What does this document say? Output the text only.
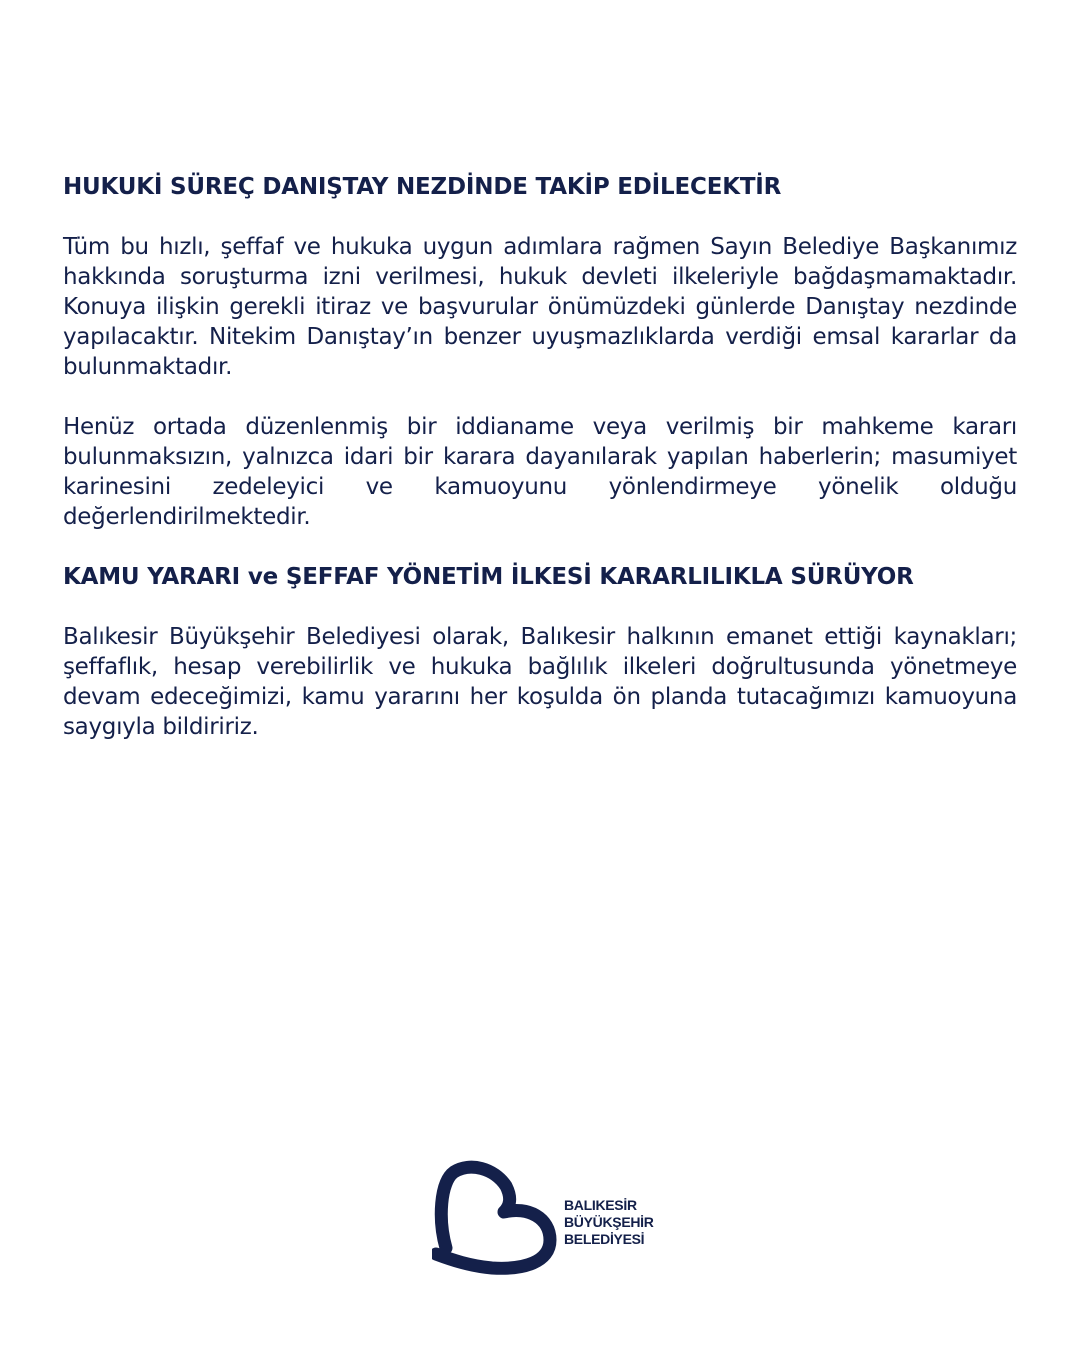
HUKUKİ SÜREÇ DANIŞTAY NEZDİNDE TAKİP EDİLECEKTİR

Tüm bu hızlı, şeffaf ve hukuka uygun adımlara rağmen Sayın Belediye Başkanımız hakkında soruşturma izni verilmesi, hukuk devleti ilkeleriyle bağdaşmamaktadır. Konuya ilişkin gerekli itiraz ve başvurular önümüzdeki günlerde Danıştay nezdinde yapılacaktır. Nitekim Danıştay’ın benzer uyuşmazlıklarda verdiği emsal kararlar da bulunmaktadır.

Henüz ortada düzenlenmiş bir iddianame veya verilmiş bir mahkeme kararı bulunmaksızın, yalnızca idari bir karara dayanılarak yapılan haberlerin; masumiyet karinesini zedeleyici ve kamuoyunu yönlendirmeye yönelik olduğu değerlendirilmektedir.

KAMU YARARI ve ŞEFFAF YÖNETİM İLKESİ KARARLILIKLA SÜRÜYOR

Balıkesir Büyükşehir Belediyesi olarak, Balıkesir halkının emanet ettiği kaynakları; şeffaflık, hesap verebilirlik ve hukuka bağlılık ilkeleri doğrultusunda yönetmeye devam edeceğimizi, kamu yararını her koşulda ön planda tutacağımızı kamuoyuna saygıyla bildiririz.

BALIKESİR
BÜYÜKŞEHİR
BELEDİYESİ
